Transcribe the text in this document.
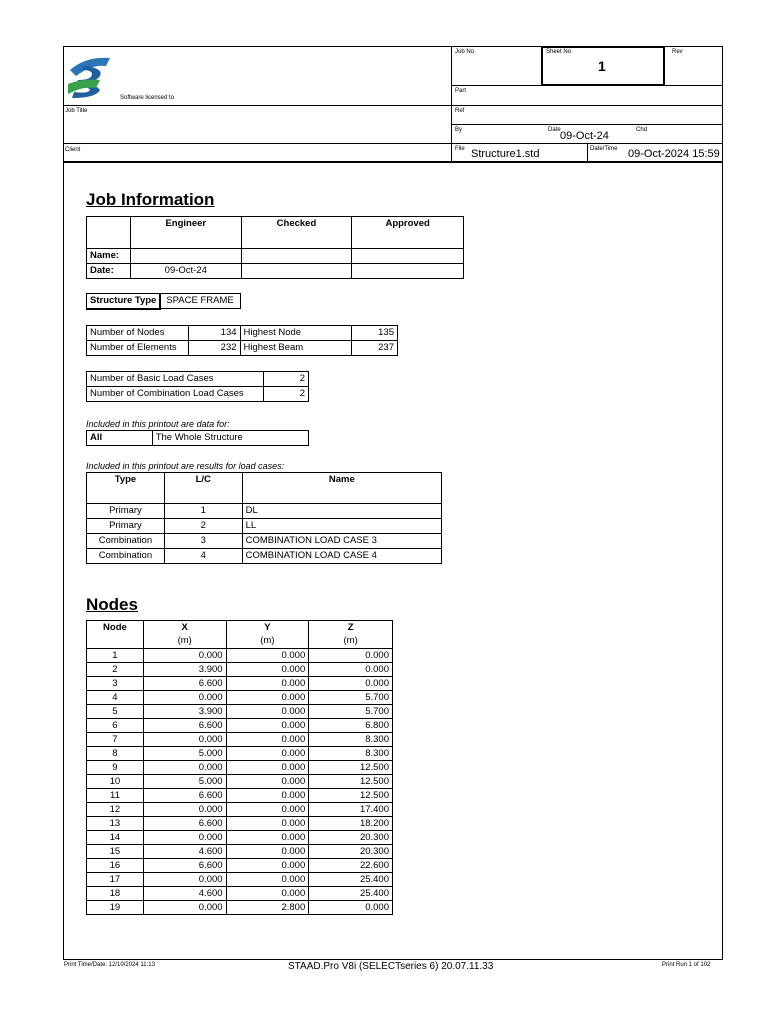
Software licensed to
Job Title
Client
Job No	Sheet No
1
Rev
Part
Ref
By	Date 09-Oct-24	Chd
File Structure1.std	Date/Time 09-Oct-2024 15:59
Job Information
	Engineer	Checked	Approved
Name:			
Date:	09-Oct-24		
Structure Type	SPACE FRAME
Number of Nodes	134	Highest Node	135
Number of Elements	232	Highest Beam	237
Number of Basic Load Cases	2
Number of Combination Load Cases	2
Included in this printout are data for:
All	The Whole Structure
Included in this printout are results for load cases:
Type	L/C	Name
Primary	1	DL
Primary	2	LL
Combination	3	COMBINATION LOAD CASE 3
Combination	4	COMBINATION LOAD CASE 4
Nodes
Node	X	Y	Z
	(m)	(m)	(m)
1	0.000	0.000	0.000
2	3.900	0.000	0.000
3	6.600	0.000	0.000
4	0.000	0.000	5.700
5	3.900	0.000	5.700
6	6.600	0.000	6.800
7	0.000	0.000	8.300
8	5.000	0.000	8.300
9	0.000	0.000	12.500
10	5.000	0.000	12.500
11	6.600	0.000	12.500
12	0.000	0.000	17.400
13	6.600	0.000	18.200
14	0.000	0.000	20.300
15	4.600	0.000	20.300
16	6.600	0.000	22.600
17	0.000	0.000	25.400
18	4.600	0.000	25.400
19	0.000	2.800	0.000
Print Time/Date: 12/10/2024 11:13	STAAD.Pro V8i (SELECTseries 6) 20.07.11.33	Print Run 1 of 102
